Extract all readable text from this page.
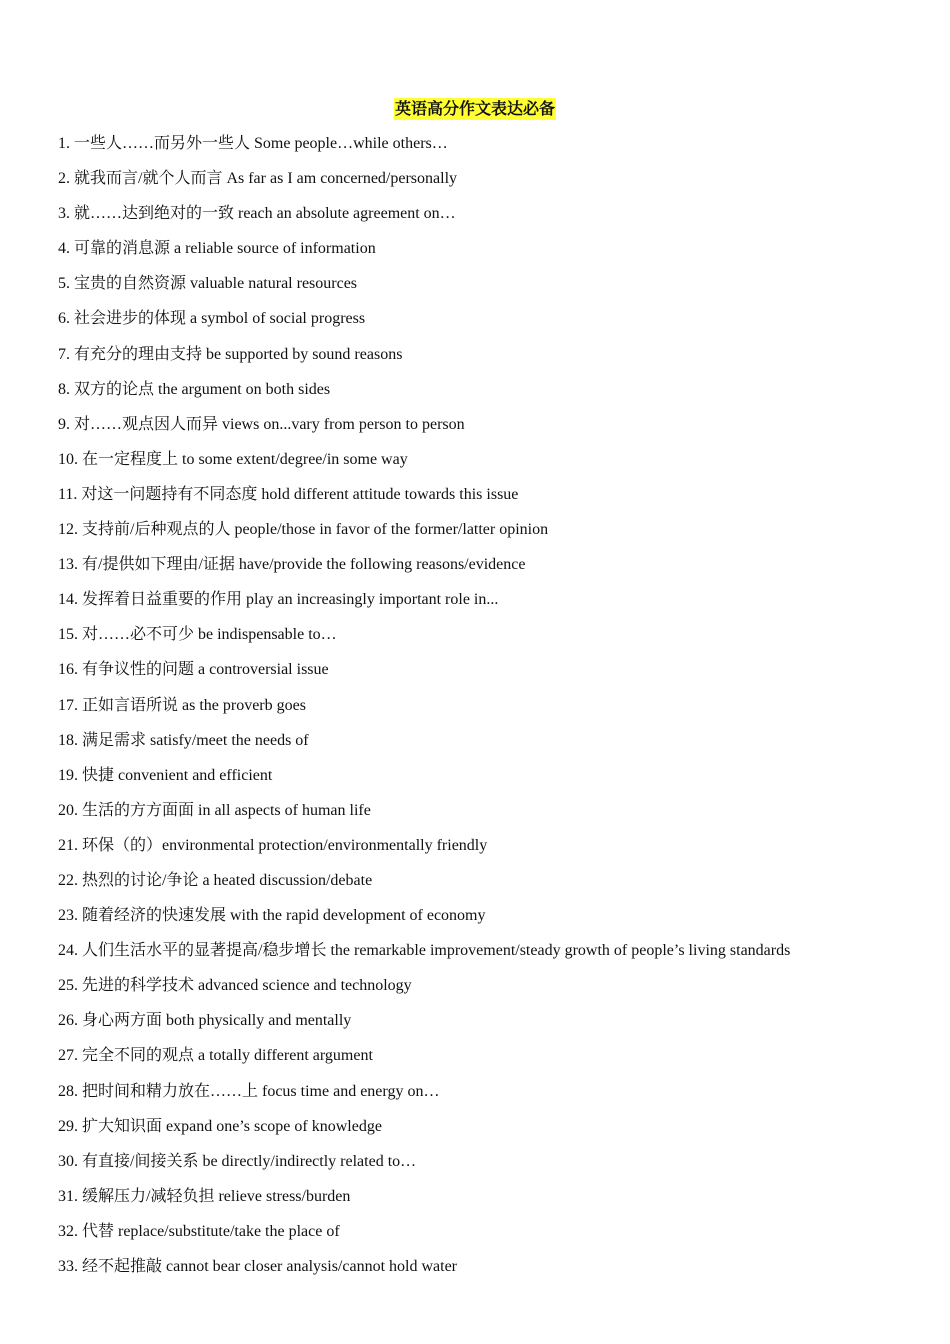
英语高分作文表达必备
1. 一些人……而另外一些人 Some people…while others…
2. 就我而言/就个人而言 As far as I am concerned/personally
3. 就……达到绝对的一致 reach an absolute agreement on…
4. 可靠的消息源 a reliable source of information
5. 宝贵的自然资源 valuable natural resources
6. 社会进步的体现 a symbol of social progress
7. 有充分的理由支持 be supported by sound reasons
8. 双方的论点 the argument on both sides
9. 对……观点因人而异 views on...vary from person to person
10. 在一定程度上 to some extent/degree/in some way
11. 对这一问题持有不同态度 hold different attitude towards this issue
12. 支持前/后种观点的人 people/those in favor of the former/latter opinion
13. 有/提供如下理由/证据 have/provide the following reasons/evidence
14. 发挥着日益重要的作用 play an increasingly important role in...
15. 对……必不可少 be indispensable to…
16. 有争议性的问题 a controversial issue
17. 正如言语所说 as the proverb goes
18. 满足需求 satisfy/meet the needs of
19. 快捷 convenient and efficient
20. 生活的方方面面 in all aspects of human life
21. 环保（的）environmental protection/environmentally friendly
22. 热烈的讨论/争论 a heated discussion/debate
23. 随着经济的快速发展 with the rapid development of economy
24. 人们生活水平的显著提高/稳步增长 the remarkable improvement/steady growth of people’s living standards
25. 先进的科学技术 advanced science and technology
26. 身心两方面 both physically and mentally
27. 完全不同的观点 a totally different argument
28. 把时间和精力放在……上 focus time and energy on…
29. 扩大知识面 expand one’s scope of knowledge
30. 有直接/间接关系 be directly/indirectly related to…
31. 缓解压力/减轻负担 relieve stress/burden
32. 代替 replace/substitute/take the place of
33. 经不起推敲 cannot bear closer analysis/cannot hold water
